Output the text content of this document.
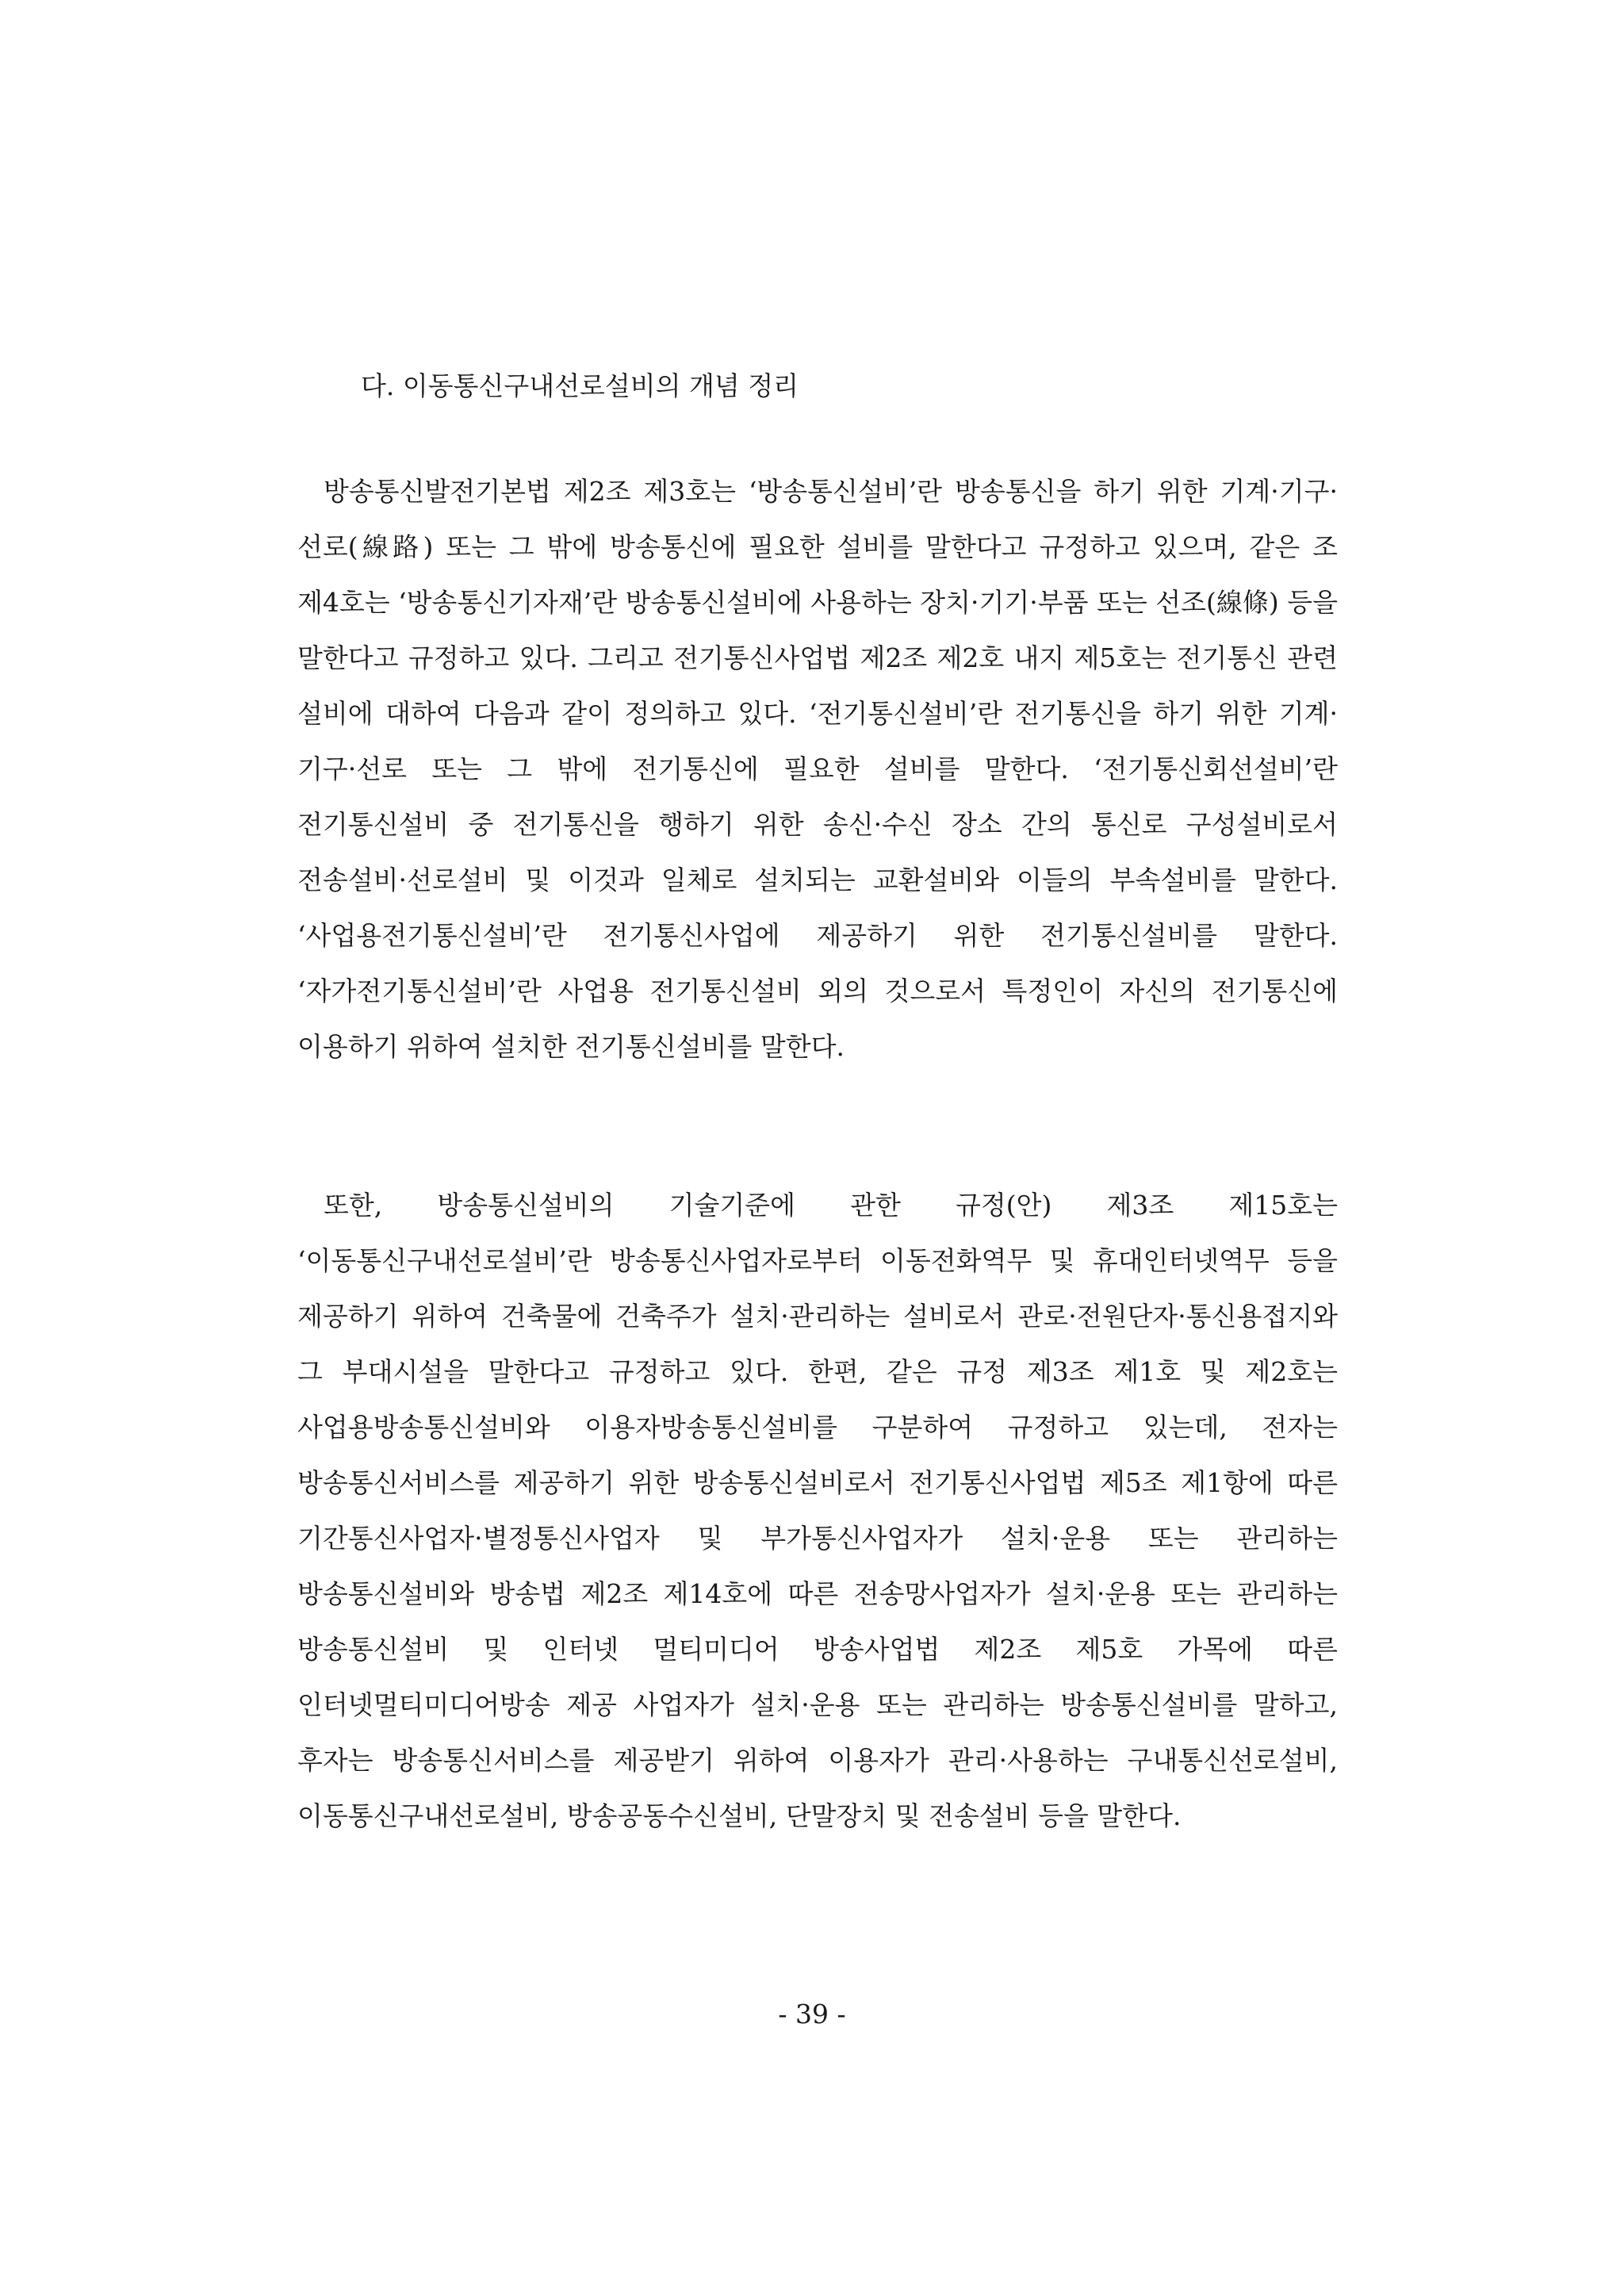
다. 이동통신구내선로설비의 개념 정리

방송통신발전기본법 제2조 제3호는 ‘방송통신설비’란 방송통신을 하기 위한 기계·기구·선로(線路) 또는 그 밖에 방송통신에 필요한 설비를 말한다고 규정하고 있으며, 같은 조 제4호는 ‘방송통신기자재’란 방송통신설비에 사용하는 장치·기기·부품 또는 선조(線條) 등을 말한다고 규정하고 있다. 그리고 전기통신사업법 제2조 제2호 내지 제5호는 전기통신 관련 설비에 대하여 다음과 같이 정의하고 있다. ‘전기통신설비’란 전기통신을 하기 위한 기계·기구·선로 또는 그 밖에 전기통신에 필요한 설비를 말한다. ‘전기통신회선설비’란 전기통신설비 중 전기통신을 행하기 위한 송신·수신 장소 간의 통신로 구성설비로서 전송설비·선로설비 및 이것과 일체로 설치되는 교환설비와 이들의 부속설비를 말한다. ‘사업용전기통신설비’란 전기통신사업에 제공하기 위한 전기통신설비를 말한다. ‘자가전기통신설비’란 사업용 전기통신설비 외의 것으로서 특정인이 자신의 전기통신에 이용하기 위하여 설치한 전기통신설비를 말한다.

또한, 방송통신설비의 기술기준에 관한 규정(안) 제3조 제15호는 ‘이동통신구내선로설비’란 방송통신사업자로부터 이동전화역무 및 휴대인터넷역무 등을 제공하기 위하여 건축물에 건축주가 설치·관리하는 설비로서 관로·전원단자·통신용접지와 그 부대시설을 말한다고 규정하고 있다. 한편, 같은 규정 제3조 제1호 및 제2호는 사업용방송통신설비와 이용자방송통신설비를 구분하여 규정하고 있는데, 전자는 방송통신서비스를 제공하기 위한 방송통신설비로서 전기통신사업법 제5조 제1항에 따른 기간통신사업자·별정통신사업자 및 부가통신사업자가 설치·운용 또는 관리하는 방송통신설비와 방송법 제2조 제14호에 따른 전송망사업자가 설치·운용 또는 관리하는 방송통신설비 및 인터넷 멀티미디어 방송사업법 제2조 제5호 가목에 따른 인터넷멀티미디어방송 제공 사업자가 설치·운용 또는 관리하는 방송통신설비를 말하고, 후자는 방송통신서비스를 제공받기 위하여 이용자가 관리·사용하는 구내통신선로설비, 이동통신구내선로설비, 방송공동수신설비, 단말장치 및 전송설비 등을 말한다.

- 39 -
